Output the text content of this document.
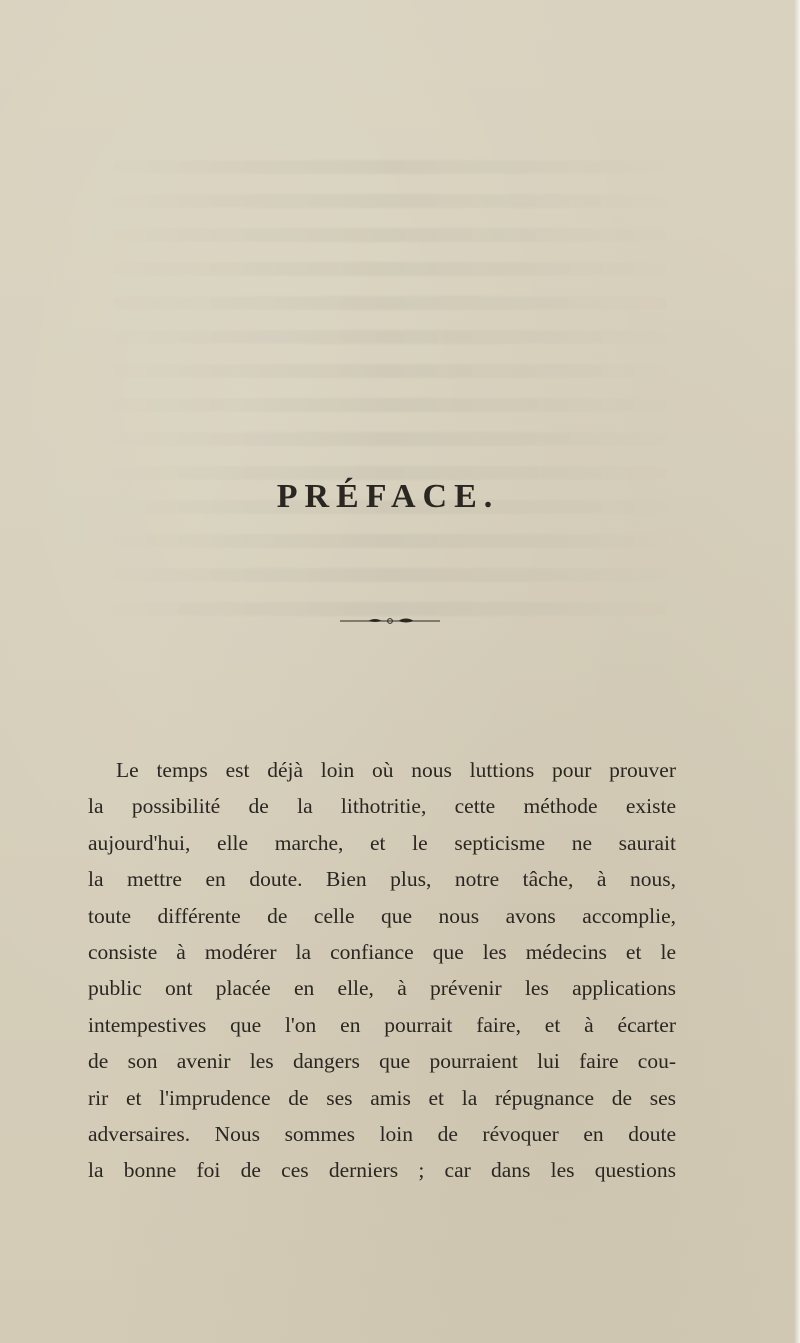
PRÉFACE.
Le temps est déjà loin où nous luttions pour prouver
la possibilité de la lithotritie, cette méthode existe
aujourd'hui, elle marche, et le septicisme ne saurait
la mettre en doute. Bien plus, notre tâche, à nous,
toute différente de celle que nous avons accomplie,
consiste à modérer la confiance que les médecins et le
public ont placée en elle, à prévenir les applications
intempestives que l'on en pourrait faire, et à écarter
de son avenir les dangers que pourraient lui faire cou-
rir et l'imprudence de ses amis et la répugnance de ses
adversaires. Nous sommes loin de révoquer en doute
la bonne foi de ces derniers ; car dans les questions
